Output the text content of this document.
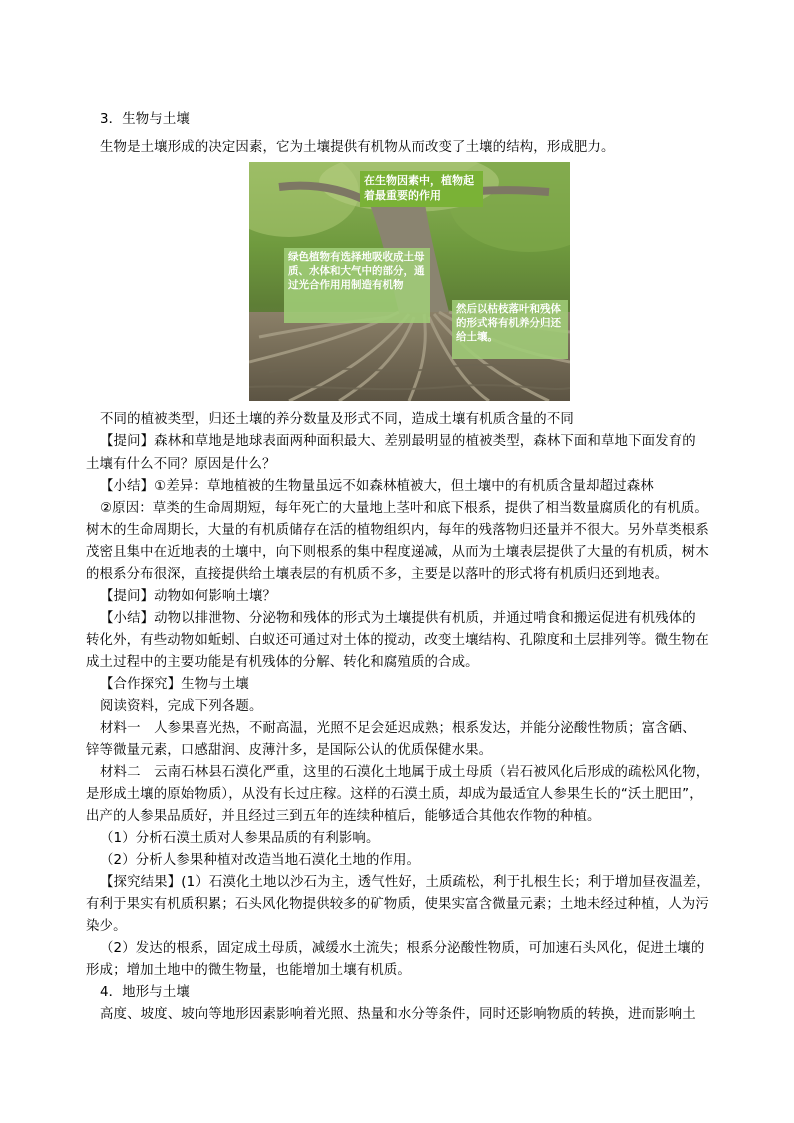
3．生物与土壤
生物是土壤形成的决定因素，它为土壤提供有机物从而改变了土壤的结构，形成肥力。
在生物因素中，植物起着最重要的作用
绿色植物有选择地吸收成土母质、水体和大气中的部分，通过光合作用用制造有机物
然后以枯枝落叶和残体的形式将有机养分归还给土壤。
不同的植被类型，归还土壤的养分数量及形式不同，造成土壤有机质含量的不同
【提问】森林和草地是地球表面两种面积最大、差别最明显的植被类型，森林下面和草地下面发育的
土壤有什么不同？原因是什么？
【小结】①差异：草地植被的生物量虽远不如森林植被大，但土壤中的有机质含量却超过森林
②原因：草类的生命周期短，每年死亡的大量地上茎叶和底下根系，提供了相当数量腐质化的有机质。
树木的生命周期长，大量的有机质储存在活的植物组织内，每年的残落物归还量并不很大。另外草类根系
茂密且集中在近地表的土壤中，向下则根系的集中程度递减，从而为土壤表层提供了大量的有机质，树木
的根系分布很深，直接提供给土壤表层的有机质不多，主要是以落叶的形式将有机质归还到地表。
【提问】动物如何影响土壤？
【小结】动物以排泄物、分泌物和残体的形式为土壤提供有机质，并通过啃食和搬运促进有机残体的
转化外，有些动物如蚯蚓、白蚁还可通过对土体的搅动，改变土壤结构、孔隙度和土层排列等。微生物在
成土过程中的主要功能是有机残体的分解、转化和腐殖质的合成。
【合作探究】生物与土壤
阅读资料，完成下列各题。
材料一　人参果喜光热，不耐高温，光照不足会延迟成熟；根系发达，并能分泌酸性物质；富含硒、
锌等微量元素，口感甜润、皮薄汁多，是国际公认的优质保健水果。
材料二　云南石林县石漠化严重，这里的石漠化土地属于成土母质（岩石被风化后形成的疏松风化物，
是形成土壤的原始物质），从没有长过庄稼。这样的石漠土质，却成为最适宜人参果生长的“沃土肥田”，
出产的人参果品质好，并且经过三到五年的连续种植后，能够适合其他农作物的种植。
（1）分析石漠土质对人参果品质的有利影响。
（2）分析人参果种植对改造当地石漠化土地的作用。
【探究结果】(1）石漠化土地以沙石为主，透气性好，土质疏松，利于扎根生长；利于增加昼夜温差，
有利于果实有机质积累；石头风化物提供较多的矿物质，使果实富含微量元素；土地未经过种植，人为污
染少。
（2）发达的根系，固定成土母质，减缓水土流失；根系分泌酸性物质，可加速石头风化，促进土壤的
形成；增加土地中的微生物量，也能增加土壤有机质。
4．地形与土壤
高度、坡度、坡向等地形因素影响着光照、热量和水分等条件，同时还影响物质的转换，进而影响土
